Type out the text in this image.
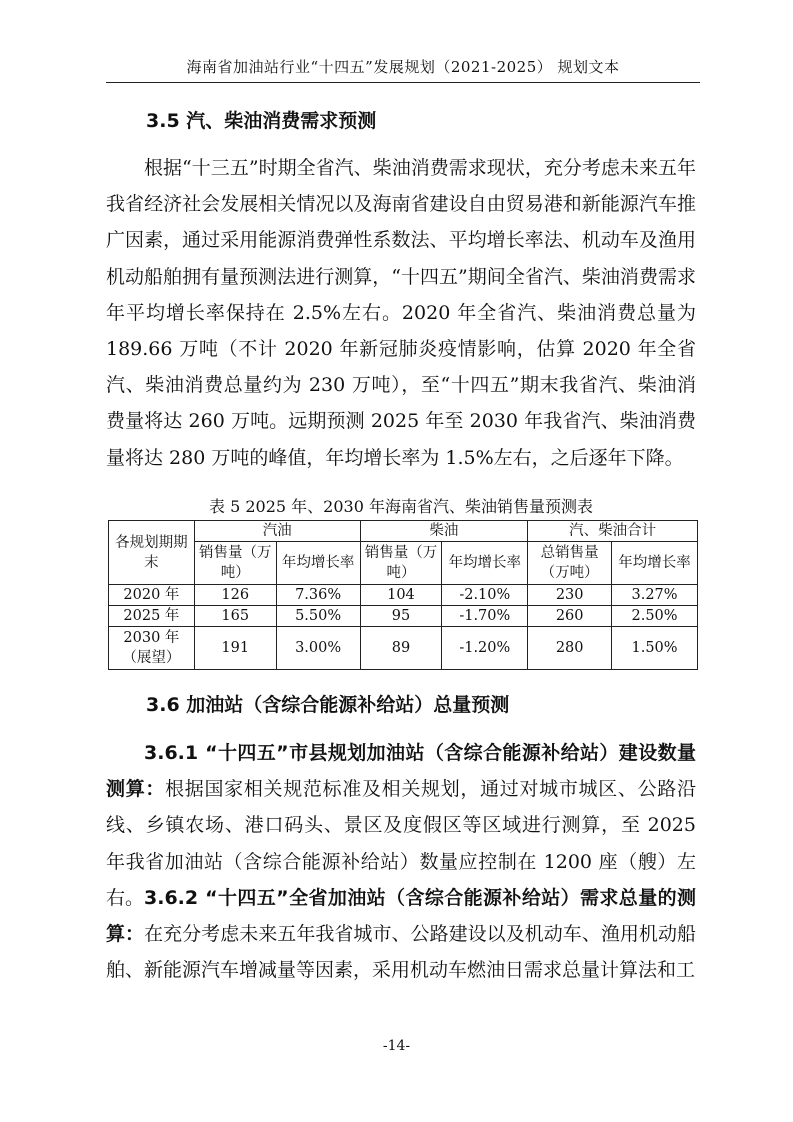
海南省加油站行业“十四五”发展规划（2021-2025） 规划文本
3.5 汽、柴油消费需求预测

根据“十三五”时期全省汽、柴油消费需求现状，充分考虑未来五年我省经济社会发展相关情况以及海南省建设自由贸易港和新能源汽车推广因素，通过采用能源消费弹性系数法、平均增长率法、机动车及渔用机动船舶拥有量预测法进行测算，“十四五”期间全省汽、柴油消费需求年平均增长率保持在 2.5%左右。2020 年全省汽、柴油消费总量为 189.66 万吨（不计 2020 年新冠肺炎疫情影响，估算 2020 年全省汽、柴油消费总量约为 230 万吨），至“十四五”期末我省汽、柴油消费量将达 260 万吨。远期预测 2025 年至 2030 年我省汽、柴油消费量将达 280 万吨的峰值，年均增长率为 1.5%左右，之后逐年下降。

表 5 2025 年、2030 年海南省汽、柴油销售量预测表
各规划期期末	汽油		柴油		汽、柴油合计	
	销售量（万吨）	年均增长率	销售量（万吨）	年均增长率	总销售量（万吨）	年均增长率
2020 年	126	7.36%	104	-2.10%	230	3.27%
2025 年	165	5.50%	95	-1.70%	260	2.50%
2030 年（展望）	191	3.00%	89	-1.20%	280	1.50%
3.6 加油站（含综合能源补给站）总量预测

3.6.1 “十四五”市县规划加油站（含综合能源补给站）建设数量测算：根据国家相关规范标准及相关规划，通过对城市城区、公路沿线、乡镇农场、港口码头、景区及度假区等区域进行测算，至 2025 年我省加油站（含综合能源补给站）数量应控制在 1200 座（艘）左右。 3.6.2 “十四五”全省加油站（含综合能源补给站）需求总量的测算：在充分考虑未来五年我省城市、公路建设以及机动车、渔用机动船舶、新能源汽车增减量等因素，采用机动车燃油日需求总量计算法和工

-14-
